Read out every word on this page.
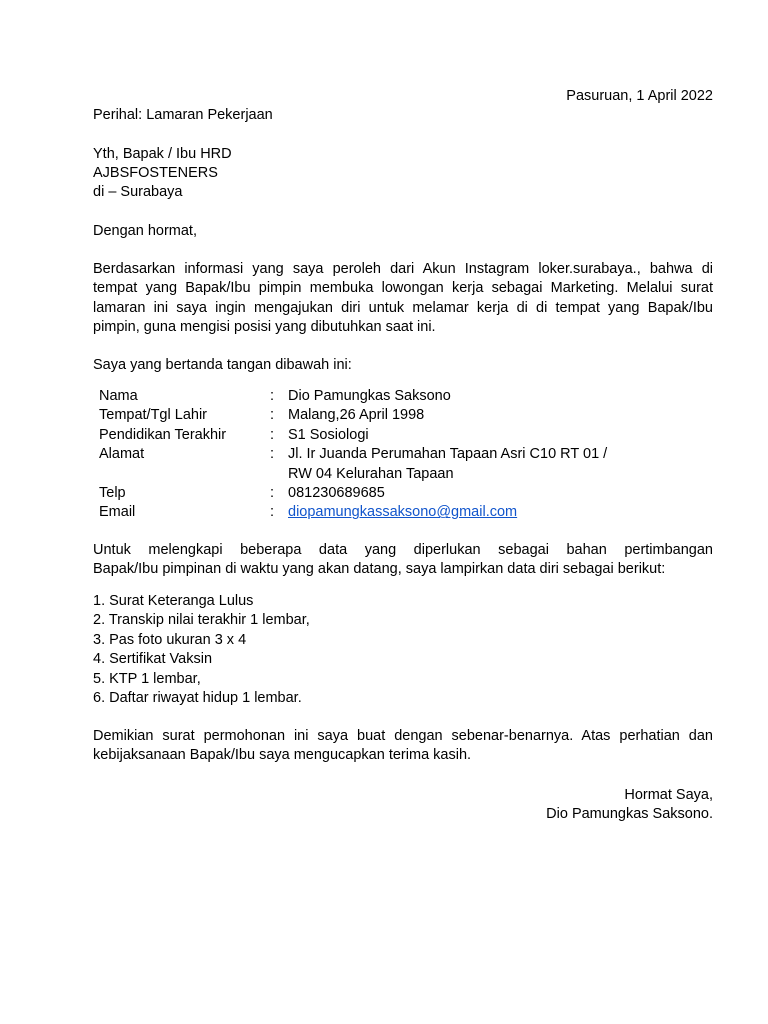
Pasuruan, 1 April 2022
Perihal: Lamaran Pekerjaan
Yth, Bapak / Ibu HRD
AJBSFOSTENERS
di – Surabaya
Dengan hormat,
Berdasarkan informasi yang saya peroleh dari Akun Instagram loker.surabaya., bahwa di
tempat yang Bapak/Ibu pimpin membuka lowongan kerja sebagai Marketing. Melalui surat
lamaran ini saya ingin mengajukan diri untuk melamar kerja di di tempat yang Bapak/Ibu
pimpin, guna mengisi posisi yang dibutuhkan saat ini.
Saya yang bertanda tangan dibawah ini:
Nama	: Dio Pamungkas Saksono
Tempat/Tgl Lahir	: Malang,26 April 1998
Pendidikan Terakhir	: S1 Sosiologi
Alamat	: Jl. Ir Juanda Perumahan Tapaan Asri C10 RT 01 /
RW 04 Kelurahan Tapaan
Telp	: 081230689685
Email	: diopamungkassaksono@gmail.com
Untuk melengkapi beberapa data yang diperlukan sebagai bahan pertimbangan
Bapak/Ibu pimpinan di waktu yang akan datang, saya lampirkan data diri sebagai berikut:
1. Surat Keteranga Lulus
2. Transkip nilai terakhir 1 lembar,
3. Pas foto ukuran 3 x 4
4. Sertifikat Vaksin
5. KTP 1 lembar,
6. Daftar riwayat hidup 1 lembar.
Demikian surat permohonan ini saya buat dengan sebenar-benarnya. Atas perhatian dan
kebijaksanaan Bapak/Ibu saya mengucapkan terima kasih.
Hormat Saya,
Dio Pamungkas Saksono.
